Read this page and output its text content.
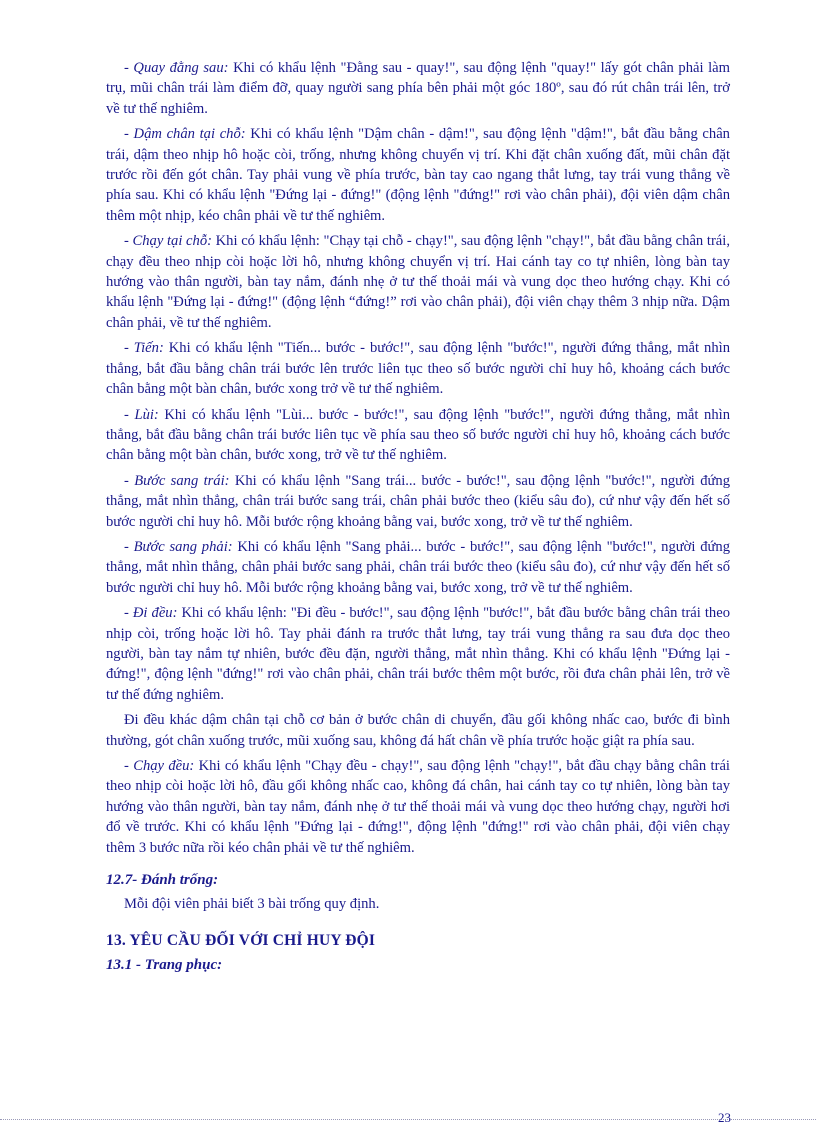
- Quay đằng sau: Khi có khẩu lệnh "Đằng sau - quay!", sau động lệnh "quay!" lấy gót chân phải làm trụ, mũi chân trái làm điểm đỡ, quay người sang phía bên phải một góc 180º, sau đó rút chân trái lên, trở về tư thế nghiêm.

- Dậm chân tại chỗ: Khi có khẩu lệnh "Dậm chân - dậm!", sau động lệnh "dậm!", bắt đầu bằng chân trái, dậm theo nhịp hô hoặc còi, trống, nhưng không chuyển vị trí. Khi đặt chân xuống đất, mũi chân đặt trước rồi đến gót chân. Tay phải vung về phía trước, bàn tay cao ngang thắt lưng, tay trái vung thẳng về phía sau. Khi có khẩu lệnh "Đứng lại - đứng!" (động lệnh "đứng!" rơi vào chân phải), đội viên dậm chân thêm một nhịp, kéo chân phải về tư thế nghiêm.

- Chạy tại chỗ: Khi có khẩu lệnh: "Chạy tại chỗ - chạy!", sau động lệnh "chạy!", bắt đầu bằng chân trái, chạy đều theo nhịp còi hoặc lời hô, nhưng không chuyển vị trí. Hai cánh tay co tự nhiên, lòng bàn tay hướng vào thân người, bàn tay nắm, đánh nhẹ ở tư thế thoải mái và vung dọc theo hướng chạy. Khi có khẩu lệnh "Đứng lại - đứng!" (động lệnh “đứng!” rơi vào chân phải), đội viên chạy thêm 3 nhịp nữa. Dậm chân phải, về tư thế nghiêm.

- Tiến: Khi có khẩu lệnh "Tiến... bước - bước!", sau động lệnh "bước!", người đứng thẳng, mắt nhìn thẳng, bắt đầu bằng chân trái bước lên trước liên tục theo số bước người chỉ huy hô, khoảng cách bước chân bằng một bàn chân, bước xong trở về tư thế nghiêm.

- Lùi: Khi có khẩu lệnh "Lùi... bước - bước!", sau động lệnh "bước!", người đứng thẳng, mắt nhìn thẳng, bắt đầu bằng chân trái bước liên tục về phía sau theo số bước người chỉ huy hô, khoảng cách bước chân bằng một bàn chân, bước xong, trở về tư thế nghiêm.

- Bước sang trái: Khi có khẩu lệnh "Sang trái... bước - bước!", sau động lệnh "bước!", người đứng thẳng, mắt nhìn thẳng, chân trái bước sang trái, chân phải bước theo (kiểu sâu đo), cứ như vậy đến hết số bước người chỉ huy hô. Mỗi bước rộng khoảng bằng vai, bước xong, trở về tư thế nghiêm.

- Bước sang phải: Khi có khẩu lệnh "Sang phải... bước - bước!", sau động lệnh "bước!", người đứng thẳng, mắt nhìn thẳng, chân phải bước sang phải, chân trái bước theo (kiểu sâu đo), cứ như vậy đến hết số bước người chỉ huy hô. Mỗi bước rộng khoảng bằng vai, bước xong, trở về tư thế nghiêm.

- Đi đều: Khi có khẩu lệnh: "Đi đều - bước!", sau động lệnh "bước!", bắt đầu bước bằng chân trái theo nhịp còi, trống hoặc lời hô. Tay phải đánh ra trước thắt lưng, tay trái vung thẳng ra sau đưa dọc theo người, bàn tay nắm tự nhiên, bước đều đặn, người thẳng, mắt nhìn thẳng. Khi có khẩu lệnh "Đứng lại - đứng!", động lệnh "đứng!" rơi vào chân phải, chân trái bước thêm một bước, rồi đưa chân phải lên, trở về tư thế đứng nghiêm.

Đi đều khác dậm chân tại chỗ cơ bản ở bước chân di chuyển, đầu gối không nhấc cao, bước đi bình thường, gót chân xuống trước, mũi xuống sau, không đá hất chân về phía trước hoặc giật ra phía sau.

- Chạy đều: Khi có khẩu lệnh "Chạy đều - chạy!", sau động lệnh "chạy!", bắt đầu chạy bằng chân trái theo nhịp còi hoặc lời hô, đầu gối không nhấc cao, không đá chân, hai cánh tay co tự nhiên, lòng bàn tay hướng vào thân người, bàn tay nắm, đánh nhẹ ở tư thế thoải mái và vung dọc theo hướng chạy, người hơi đổ về trước. Khi có khẩu lệnh "Đứng lại - đứng!", động lệnh "đứng!" rơi vào chân phải, đội viên chạy thêm 3 bước nữa rồi kéo chân phải về tư thế nghiêm.

12.7- Đánh trống:

Mỗi đội viên phải biết 3 bài trống quy định.

13. YÊU CẦU ĐỐI VỚI CHỈ HUY ĐỘI
13.1 - Trang phục:
23
